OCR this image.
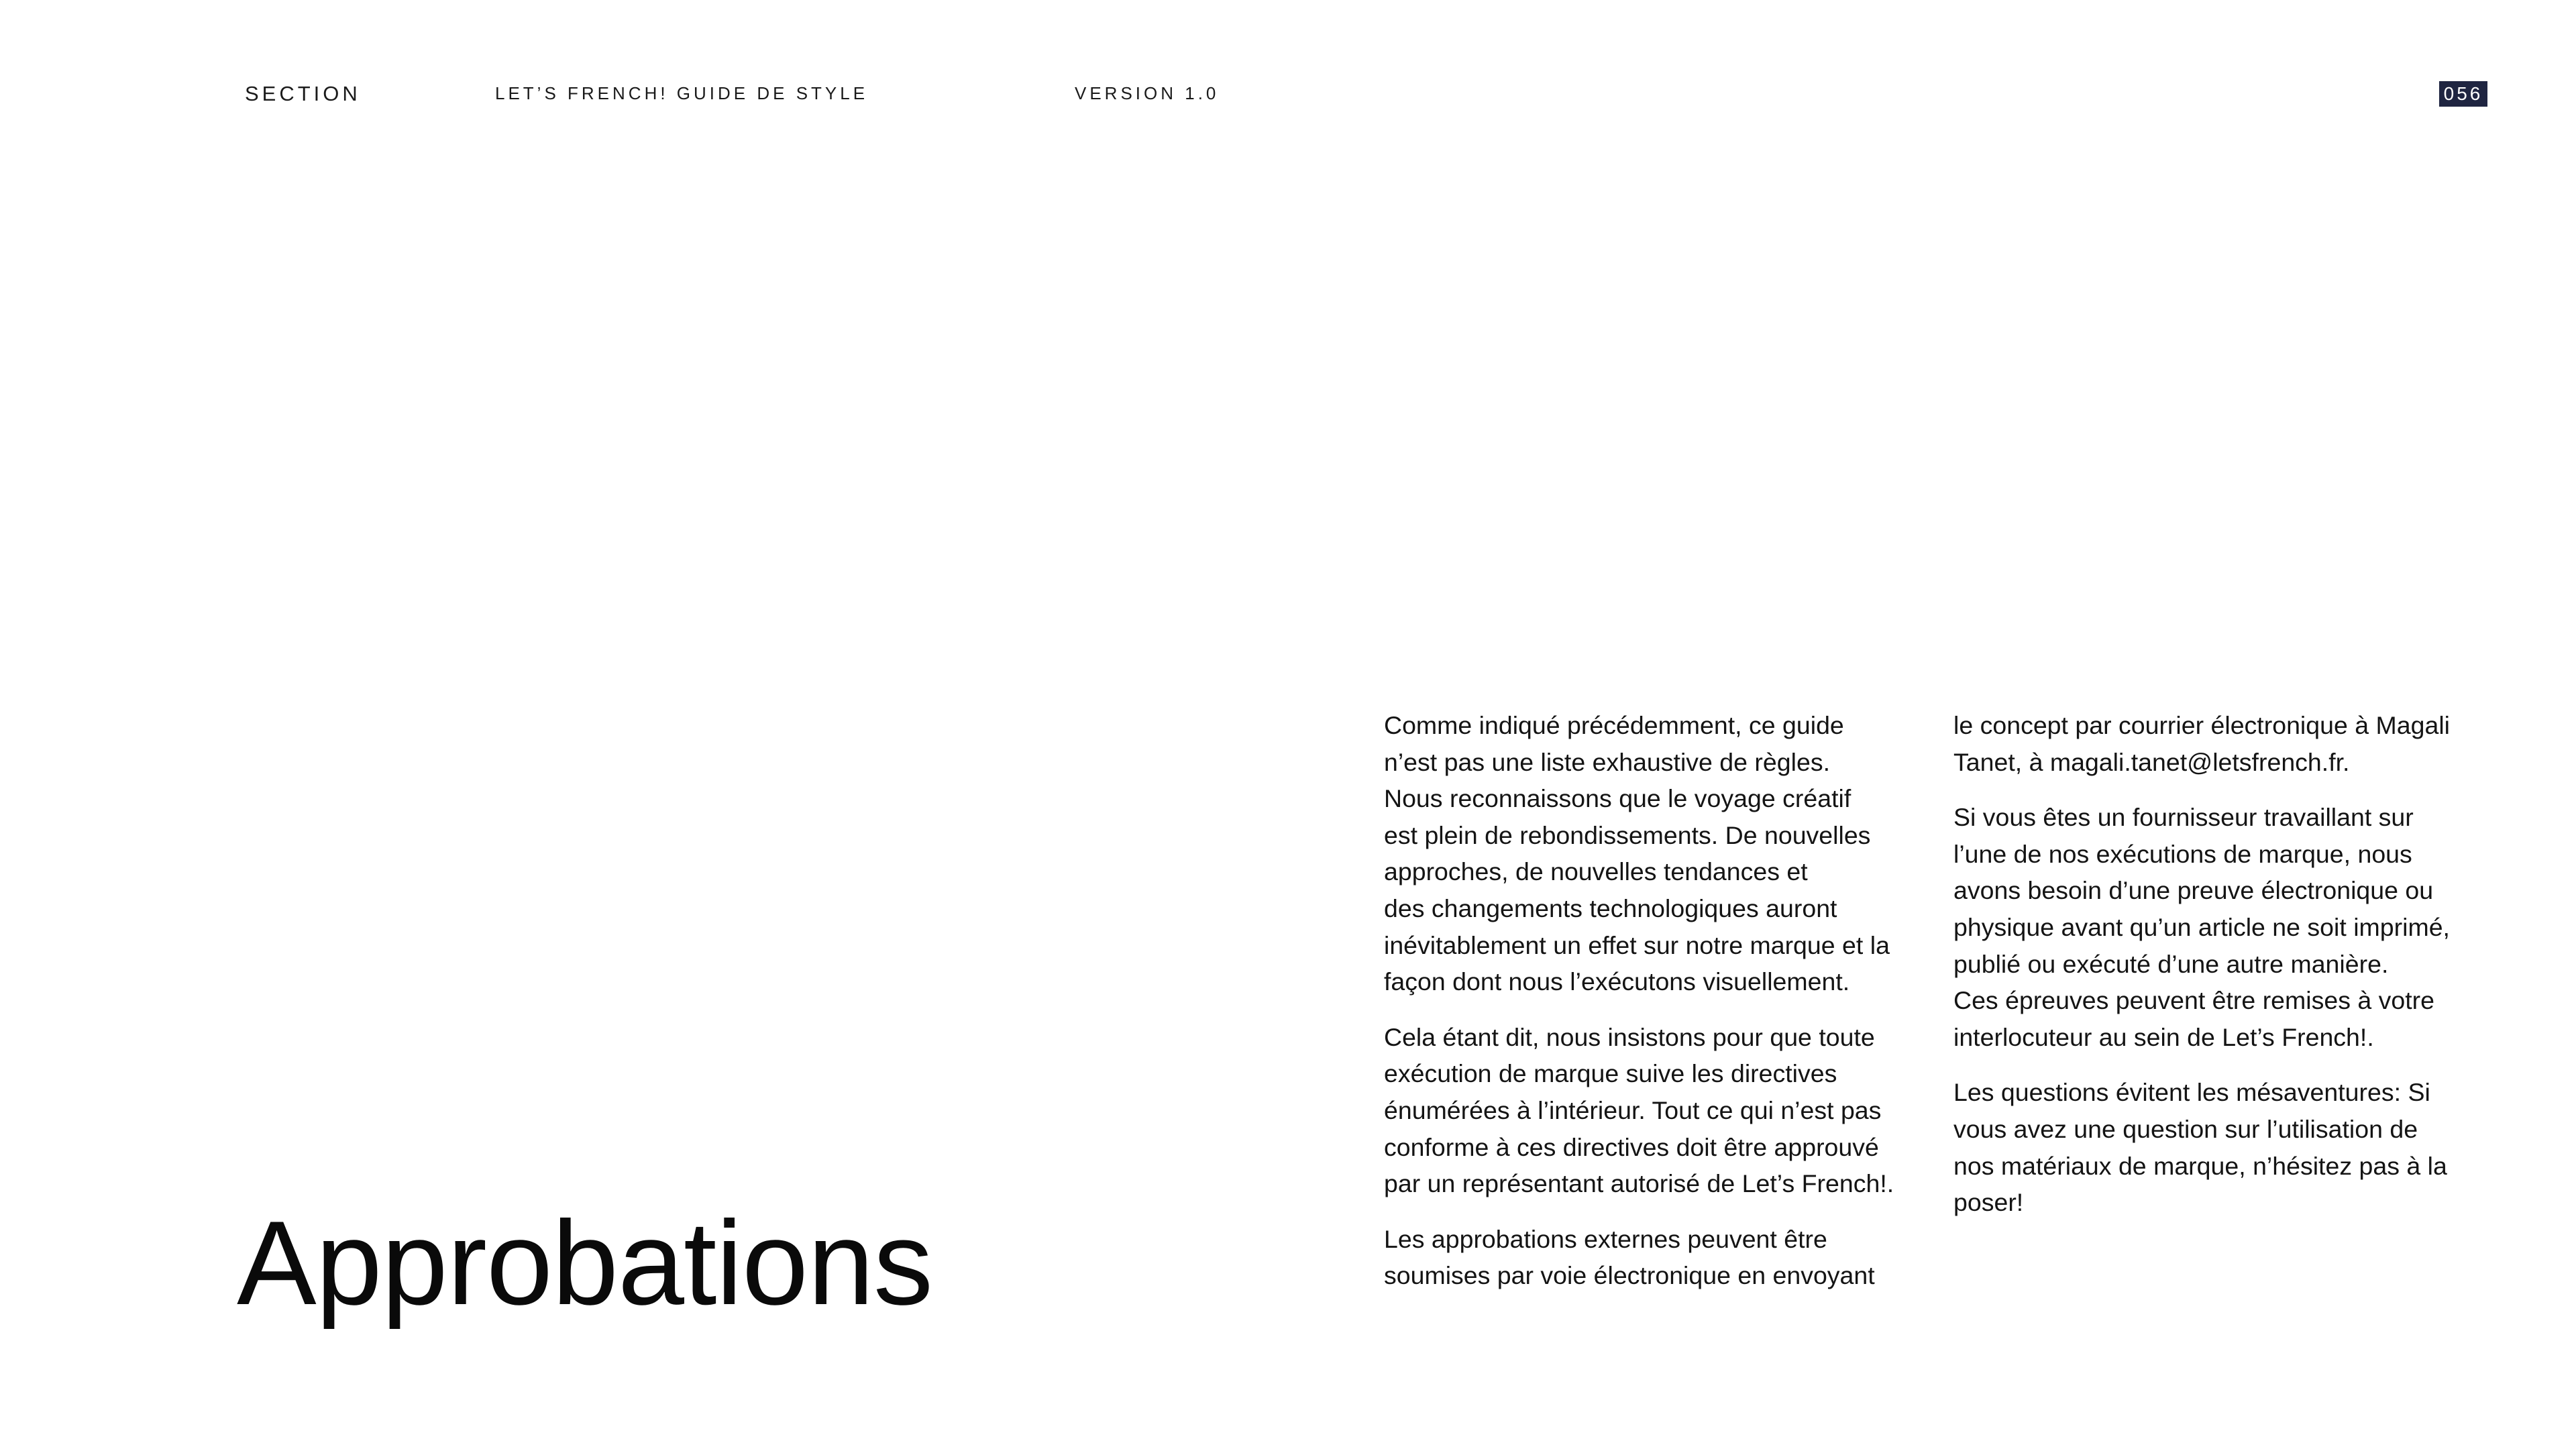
SECTION	LET’S FRENCH! GUIDE DE STYLE	VERSION 1.0	056
Approbations

Comme indiqué précédemment, ce guide
n’est pas une liste exhaustive de règles.
Nous reconnaissons que le voyage créatif
est plein de rebondissements. De nouvelles
approches, de nouvelles tendances et
des changements technologiques auront
inévitablement un effet sur notre marque et la
façon dont nous l’exécutons visuellement.

Cela étant dit, nous insistons pour que toute
exécution de marque suive les directives
énumérées à l’intérieur. Tout ce qui n’est pas
conforme à ces directives doit être approuvé
par un représentant autorisé de Let’s French!.

Les approbations externes peuvent être
soumises par voie électronique en envoyant

le concept par courrier électronique à Magali
Tanet, à magali.tanet@letsfrench.fr.

Si vous êtes un fournisseur travaillant sur
l’une de nos exécutions de marque, nous
avons besoin d’une preuve électronique ou
physique avant qu’un article ne soit imprimé,
publié ou exécuté d’une autre manière.
Ces épreuves peuvent être remises à votre
interlocuteur au sein de Let’s French!.

Les questions évitent les mésaventures: Si
vous avez une question sur l’utilisation de
nos matériaux de marque, n’hésitez pas à la
poser!
